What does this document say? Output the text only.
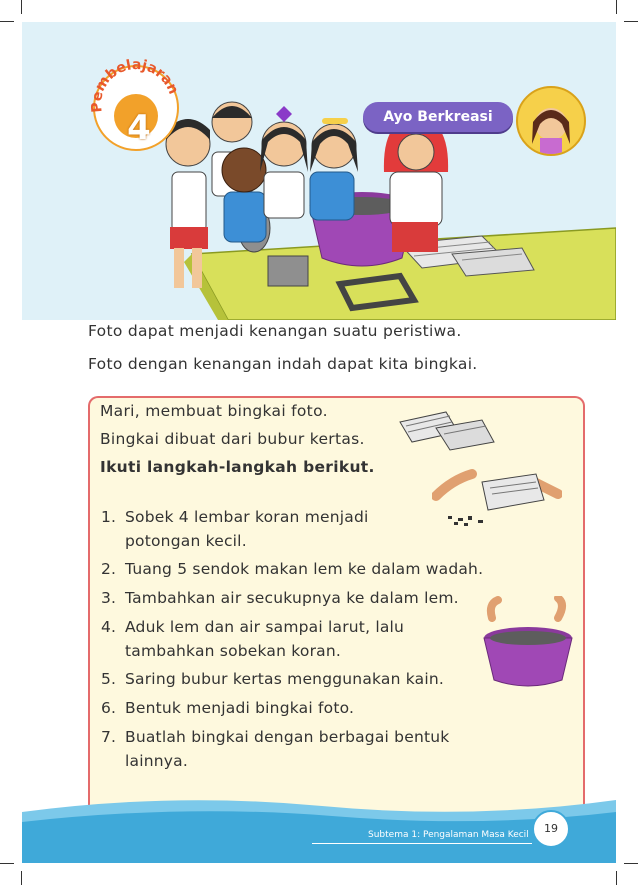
Pembelajaran
4	Ayo Berkreasi
Foto dapat menjadi kenangan suatu peristiwa.
Foto dengan kenangan indah dapat kita bingkai.
Mari, membuat bingkai foto.
Bingkai dibuat dari bubur kertas.
Ikuti langkah-langkah berikut.
1. Sobek 4 lembar koran menjadi
potongan kecil.
2. Tuang 5 sendok makan lem ke dalam wadah.
3. Tambahkan air secukupnya ke dalam lem.
4. Aduk lem dan air sampai larut, lalu
tambahkan sobekan koran.
5. Saring bubur kertas menggunakan kain.
6. Bentuk menjadi bingkai foto.
7. Buatlah bingkai dengan berbagai bentuk
lainnya.
Subtema 1: Pengalaman Masa Kecil	19
